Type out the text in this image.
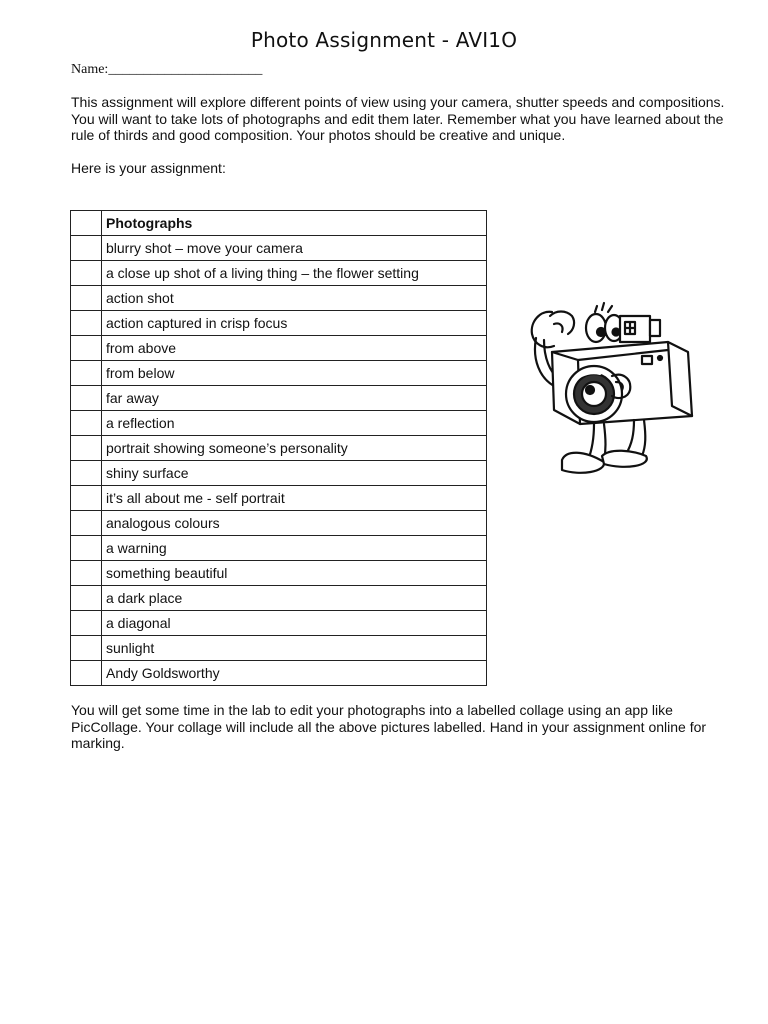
Photo Assignment - AVI1O
Name:______________________
This assignment will explore different points of view using your camera, shutter speeds and compositions. You will want to take lots of photographs and edit them later. Remember what you have learned about the rule of thirds and good composition. Your photos should be creative and unique.
Here is your assignment:
	Photographs
	blurry shot – move your camera
	a close up shot of a living thing – the flower setting
	action shot
	action captured in crisp focus
	from above
	from below
	far away
	a reflection
	portrait showing someone’s personality
	shiny surface
	it’s all about me - self portrait
	analogous colours
	a warning
	something beautiful
	a dark place
	a diagonal
	sunlight
	Andy Goldsworthy
You will get some time in the lab to edit your photographs into a labelled collage using an app like PicCollage. Your collage will include all the above pictures labelled. Hand in your assignment online for marking.
